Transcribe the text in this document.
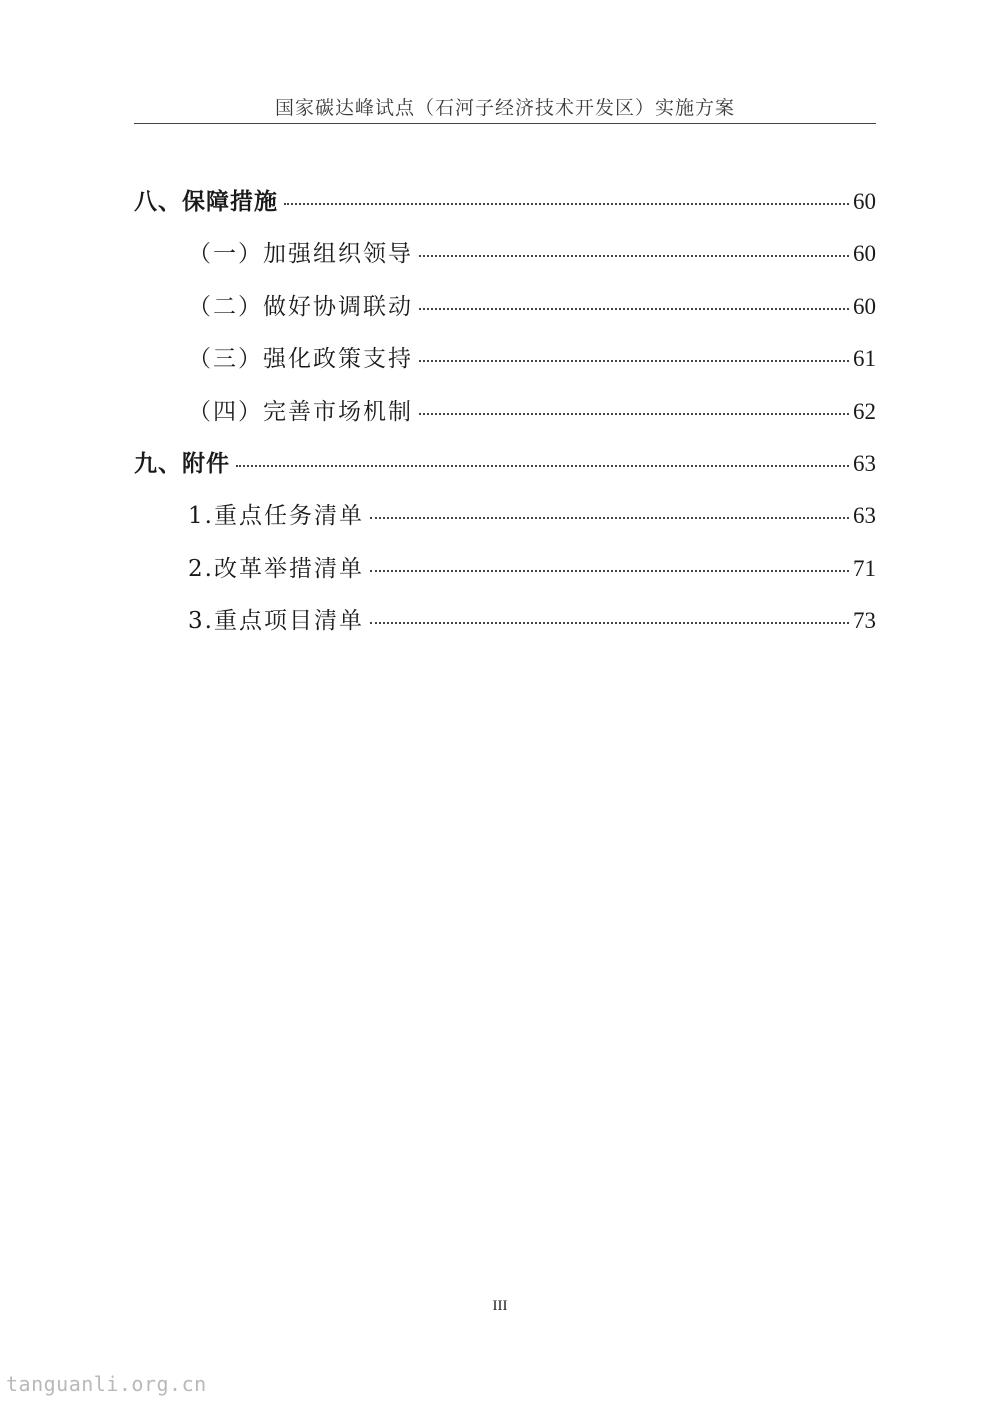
国家碳达峰试点（石河子经济技术开发区）实施方案
八、保障措施	60
（一）加强组织领导	60
（二）做好协调联动	60
（三）强化政策支持	61
（四）完善市场机制	62
九、附件	63
1.重点任务清单	63
2.改革举措清单	71
3.重点项目清单	73
III
tanguanli.org.cn
